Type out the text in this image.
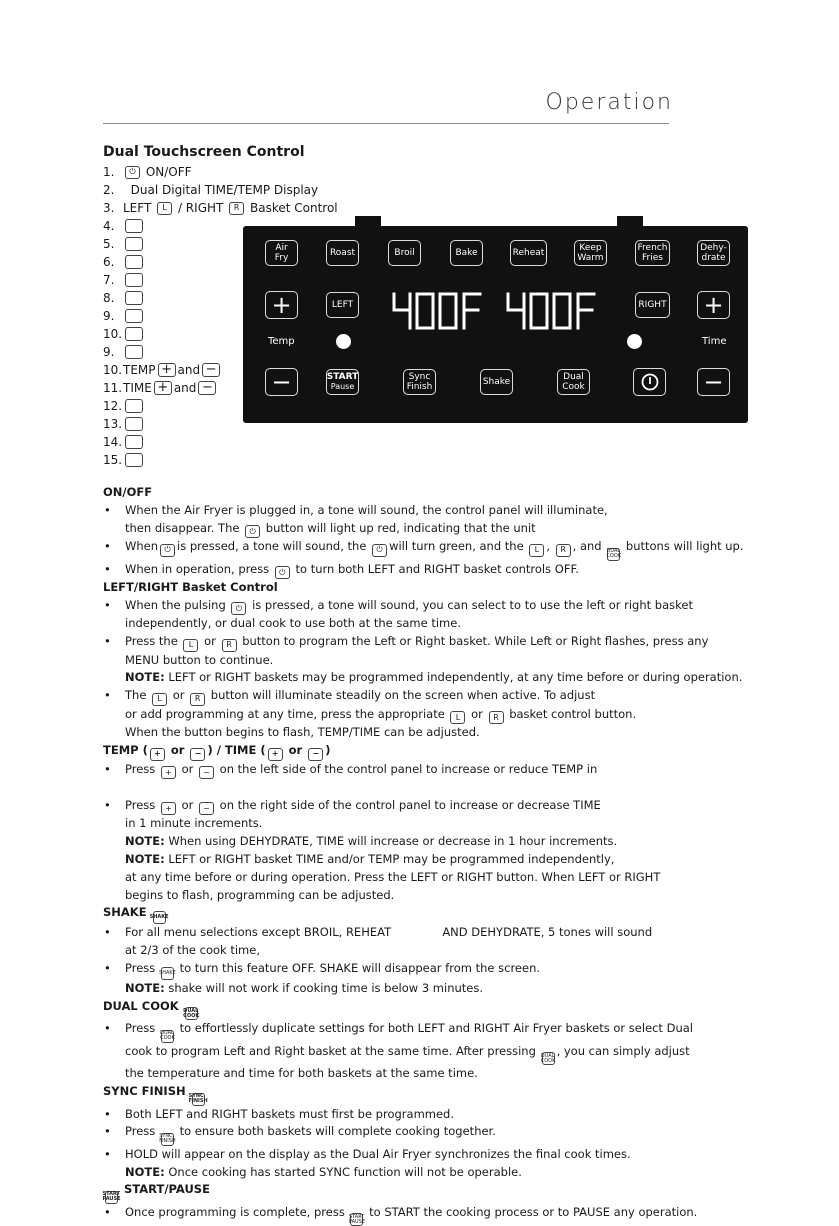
Operation
Dual Touchscreen Control
1.	⏻
ON/OFF
2.
	Dual Digital TIME/TEMP Display
3. LEFT
	L
/ RIGHT
	R
Basket Control
4.
5.
6.
7.
8.
9.
10.
9.
10. TEMP + and −
11. TIME + and −
12.
13.
14.
15.
Air
Fry	Roast	Broil	Bake	Reheat	Keep
Warm
French
Fries
Dehy-
drate
+	LEFT	RIGHT +
Temp	Time
−	START
Pause
Sync
Finish	Shake	Dual
Cook	−
ON/OFF
• When the Air Fryer is plugged in, a tone will sound, the control panel will illuminate,
then disappear. The ⏻ button will light up red, indicating that the unit
• When ⏻ is pressed, a tone will sound, the ⏻ will turn green, and the L , R , and DUAL COOK buttons will light up.
• When in operation, press ⏻ to turn both LEFT and RIGHT basket controls OFF.
LEFT/RIGHT Basket Control
• When the pulsing ⏻ is pressed, a tone will sound, you can select to to use the left or right basket
independently, or dual cook to use both at the same time.
• Press the L or R button to program the Left or Right basket. While Left or Right flashes, press any
MENU button to continue.
NOTE: LEFT or RIGHT baskets may be programmed independently, at any time before or during operation.
• The L or R button will illuminate steadily on the screen when active. To adjust
or add programming at any time, press the appropriate L or R basket control button.
When the button begins to flash, TEMP/TIME can be adjusted.
TEMP ( + or − ) / TIME ( + or − )
• Press + or − on the left side of the control panel to increase or reduce TEMP in

• Press + or − on the right side of the control panel to increase or decrease TIME
in 1 minute increments.
NOTE: When using DEHYDRATE, TIME will increase or decrease in 1 hour increments.
NOTE: LEFT or RIGHT basket TIME and/or TEMP may be programmed independently,
at any time before or during operation. Press the LEFT or RIGHT button. When LEFT or RIGHT
begins to flash, programming can be adjusted.
SHAKE SHAKE
• For all menu selections except BROIL, REHEAT	AND DEHYDRATE, 5 tones will sound
at 2/3 of the cook time,
• Press SHAKE to turn this feature OFF. SHAKE will disappear from the screen.
NOTE: shake will not work if cooking time is below 3 minutes.
DUAL COOK DUAL COOK
• Press DUAL COOK to effortlessly duplicate settings for both LEFT and RIGHT Air Fryer baskets or select Dual
cook to program Left and Right basket at the same time. After pressing DUAL COOK, you can simply adjust
the temperature and time for both baskets at the same time.
SYNC FINISH SYNC FINISH
• Both LEFT and RIGHT baskets must first be programmed.
• Press SYNC FINISH to ensure both baskets will complete cooking together.
• HOLD will appear on the display as the Dual Air Fryer synchronizes the final cook times.
NOTE: Once cooking has started SYNC function will not be operable.
START PAUSE START/PAUSE
• Once programming is complete, press START PAUSE to START the cooking process or to PAUSE any operation.
